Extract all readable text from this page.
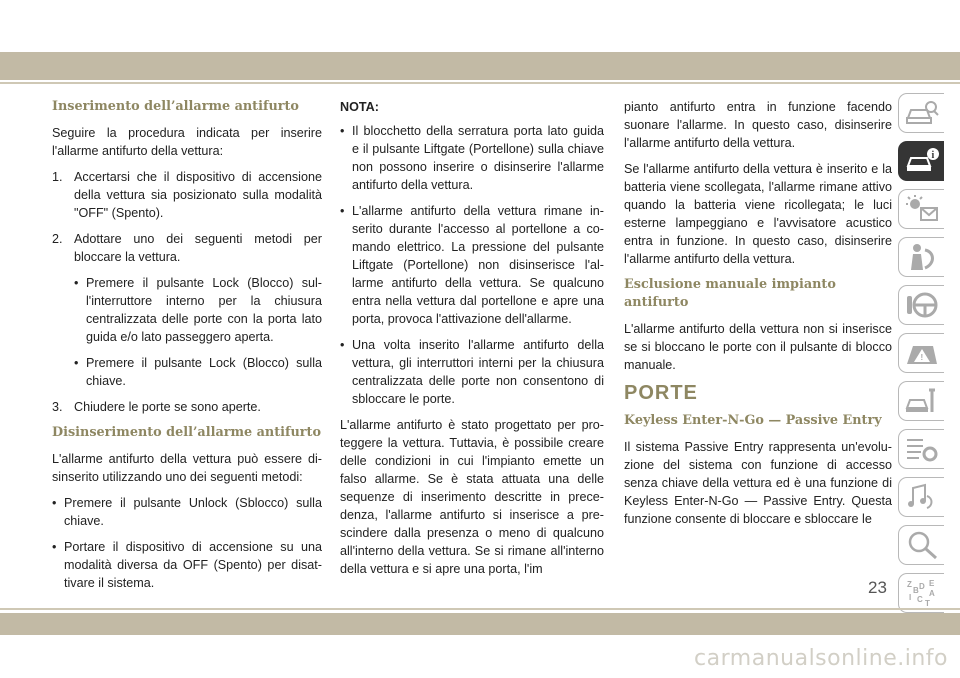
Inserimento dell’allarme antifurto

Seguire la procedura indicata per inserire l'allarme antifurto della vettura:

1. Accertarsi che il dispositivo di accensione della vettura sia posizionato sulla modalità "OFF" (Spento).
2. Adottare uno dei seguenti metodi per bloccare la vettura.
• Premere il pulsante Lock (Blocco) sull'interruttore interno per la chiusura centralizzata delle porte con la porta lato guida e/o lato passeggero aperta.
• Premere il pulsante Lock (Blocco) sulla chiave.
3. Chiudere le porte se sono aperte.
Disinserimento dell’allarme antifurto

L'allarme antifurto della vettura può essere disinserito utilizzando uno dei seguenti metodi:

• Premere il pulsante Unlock (Sblocco) sulla chiave.
• Portare il dispositivo di accensione su una modalità diversa da OFF (Spento) per disattivare il sistema.
NOTA:
• Il blocchetto della serratura porta lato guida e il pulsante Liftgate (Portellone) sulla chiave non possono inserire o disinserire l'allarme antifurto della vettura.
• L'allarme antifurto della vettura rimane inserito durante l'accesso al portellone a comando elettrico. La pressione del pulsante Liftgate (Portellone) non disinserisce l'allarme antifurto della vettura. Se qualcuno entra nella vettura dal portellone e apre una porta, provoca l'attivazione dell'allarme.
• Una volta inserito l'allarme antifurto della vettura, gli interruttori interni per la chiusura centralizzata delle porte non consentono di sbloccare le porte.

L'allarme antifurto è stato progettato per proteggere la vettura. Tuttavia, è possibile creare delle condizioni in cui l'impianto emette un falso allarme. Se è stata attuata una delle sequenze di inserimento descritte in precedenza, l'allarme antifurto si inserisce a prescindere dalla presenza o meno di qualcuno all'interno della vettura. Se si rimane all'interno della vettura e si apre una porta, l'im

pianto antifurto entra in funzione facendo suonare l'allarme. In questo caso, disinserire l'allarme antifurto della vettura.

Se l'allarme antifurto della vettura è inserito e la batteria viene scollegata, l'allarme rimane attivo quando la batteria viene ricollegata; le luci esterne lampeggiano e l'avvisatore acustico entra in funzione. In questo caso, disinserire l'allarme antifurto della vettura.

Esclusione manuale impianto antifurto

L'allarme antifurto della vettura non si inserisce se si bloccano le porte con il pulsante di blocco manuale.

PORTE
Keyless Enter-N-Go — Passive Entry

Il sistema Passive Entry rappresenta un'evoluzione del sistema con funzione di accesso senza chiave della vettura ed è una funzione di Keyless Enter-N-Go — Passive Entry. Questa funzione consente di bloccare e sbloccare le

i
!
Z
B
E
A
I C T
D
23
carmanualsonline.info
